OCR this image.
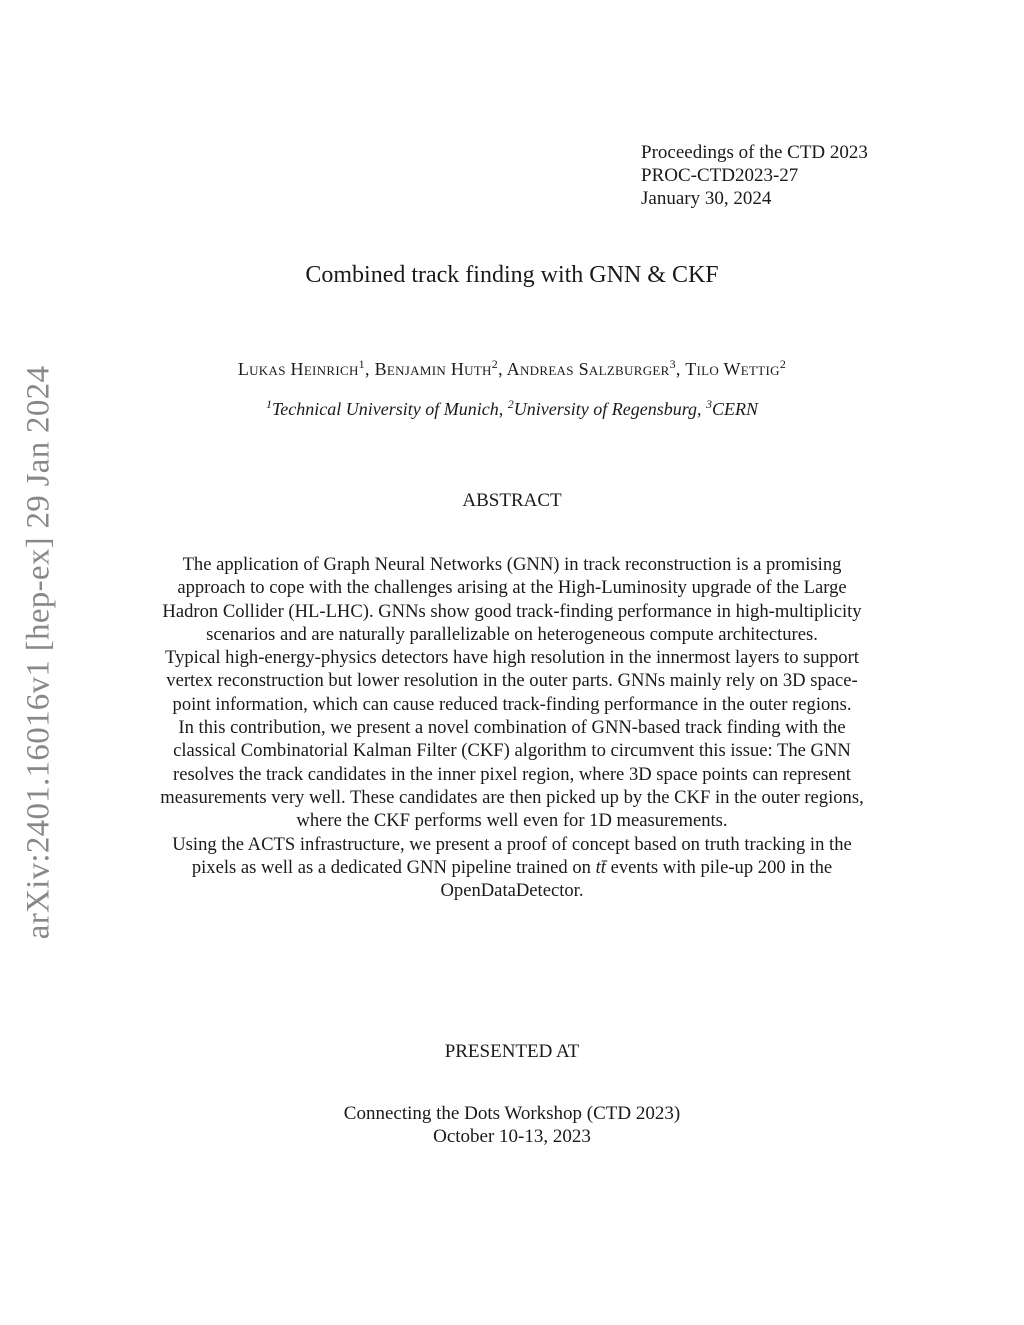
arXiv:2401.16016v1 [hep-ex] 29 Jan 2024
Proceedings of the CTD 2023
PROC-CTD2023-27
January 30, 2024
Combined track finding with GNN & CKF
Lukas Heinrich$^1$, Benjamin Huth$^2$, Andreas Salzburger$^3$, Tilo Wettig$^2$
$^1$Technical University of Munich, $^2$University of Regensburg, $^3$CERN
ABSTRACT

The application of Graph Neural Networks (GNN) in track reconstruction is a promising approach to cope with the challenges arising at the High-Luminosity upgrade of the Large Hadron Collider (HL-LHC). GNNs show good track-finding performance in high-multiplicity scenarios and are naturally parallelizable on heterogeneous compute architectures.

Typical high-energy-physics detectors have high resolution in the innermost layers to support vertex reconstruction but lower resolution in the outer parts. GNNs mainly rely on 3D space-point information, which can cause reduced track-finding performance in the outer regions.

In this contribution, we present a novel combination of GNN-based track finding with the classical Combinatorial Kalman Filter (CKF) algorithm to circumvent this issue: The GNN resolves the track candidates in the inner pixel region, where 3D space points can represent measurements very well. These candidates are then picked up by the CKF in the outer regions, where the CKF performs well even for 1D measurements.

Using the ACTS infrastructure, we present a proof of concept based on truth tracking in the pixels as well as a dedicated GNN pipeline trained on tt̄ events with pile-up 200 in the OpenDataDetector.

PRESENTED AT
Connecting the Dots Workshop (CTD 2023)
October 10-13, 2023
